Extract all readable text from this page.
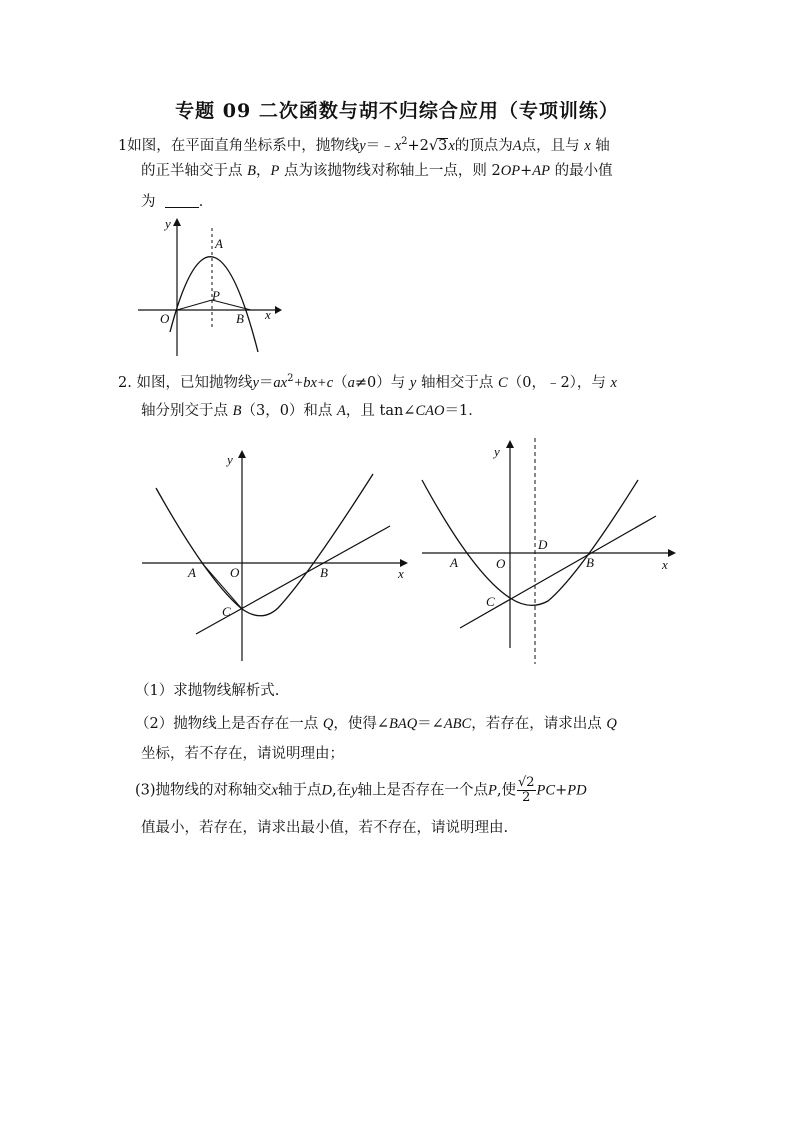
专题 09 二次函数与胡不归综合应用（专项训练）
1如图，在平面直角坐标系中，抛物线$y=﹣x^2+2√3x$的顶点为A点，且与 x 轴
的正半轴交于点 B，P 点为该抛物线对称轴上一点，则 2OP+AP 的最小值
为	．
y
A
P
O	B x
2. 如图，已知抛物线$y=ax^2+bx+c(a\ne 0)$与 y 轴相交于点 C（0，﹣2），与 x
轴分别交于点 B（3，0）和点 A，且 tan∠CAO＝1．
y
A	O	B	x
C
y
D
A	O	B	x
C
（1）求抛物线解析式.
（2）抛物线上是否存在一点 Q，使得∠BAQ＝∠ABC，若存在，请求出点 Q
坐标，若不存在，请说明理由；
(3)抛物线的对称轴交x轴于点D,在y轴上是否存在一个点P,使 $\frac{√2}{2} PC+PD$
值最小，若存在，请求出最小值，若不存在，请说明理由.
